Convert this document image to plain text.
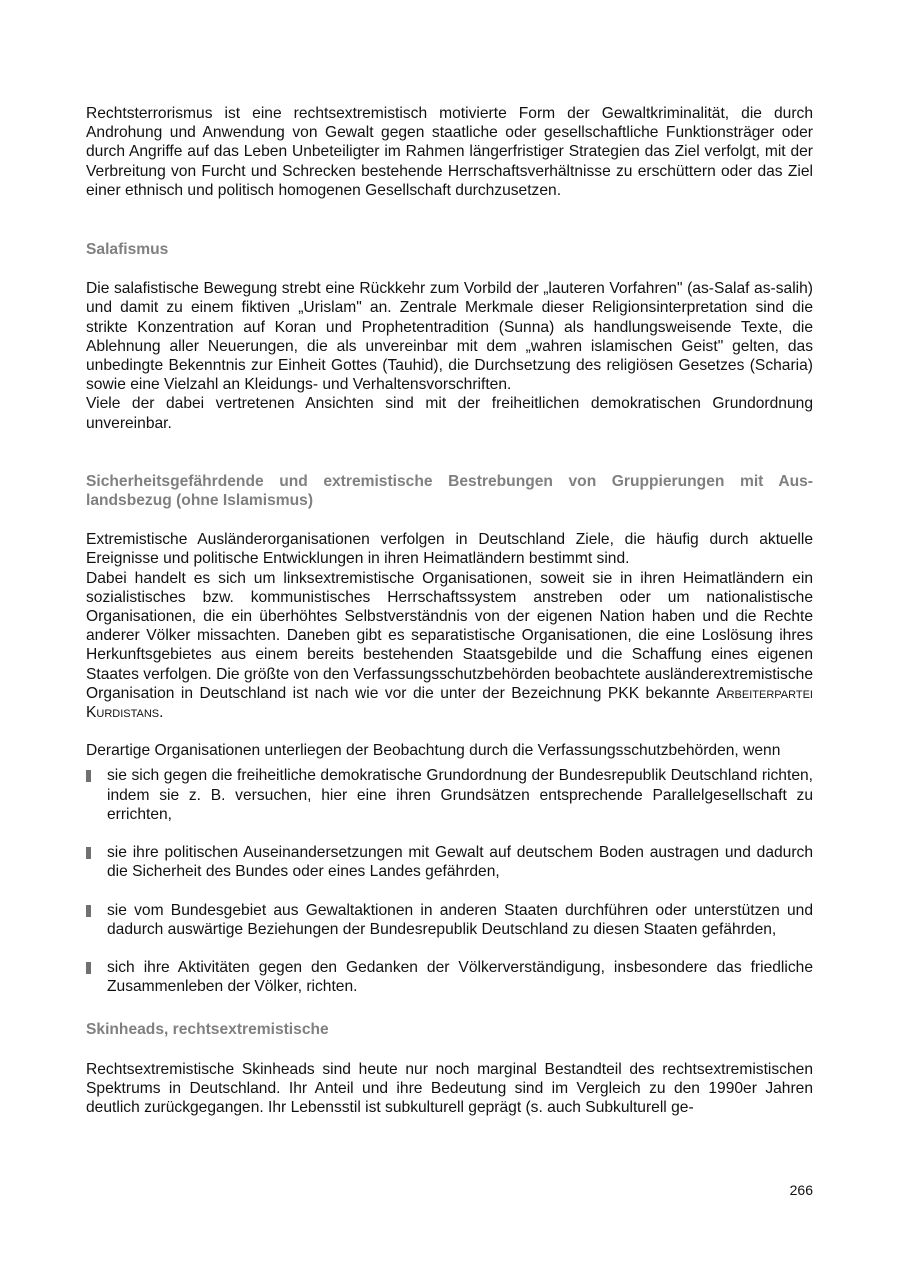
Rechtsterrorismus ist eine rechtsextremistisch motivierte Form der Gewaltkriminalität, die durch Androhung und Anwendung von Gewalt gegen staatliche oder gesellschaftliche Funktionsträger oder durch Angriffe auf das Leben Unbeteiligter im Rahmen längerfristiger Strategien das Ziel verfolgt, mit der Verbreitung von Furcht und Schrecken bestehende Herrschaftsverhältnisse zu erschüttern oder das Ziel einer ethnisch und politisch homogenen Gesellschaft durchzusetzen.

Salafismus

Die salafistische Bewegung strebt eine Rückkehr zum Vorbild der „lauteren Vorfahren" (as-Salaf as-salih) und damit zu einem fiktiven „Urislam" an. Zentrale Merkmale dieser Religionsinterpretation sind die strikte Konzentration auf Koran und Prophetentradition (Sunna) als handlungsweisende Texte, die Ablehnung aller Neuerungen, die als unvereinbar mit dem „wahren islamischen Geist" gelten, das unbedingte Bekenntnis zur Einheit Gottes (Tauhid), die Durchsetzung des religiösen Gesetzes (Scharia) sowie eine Vielzahl an Kleidungs- und Verhaltensvorschriften.

Viele der dabei vertretenen Ansichten sind mit der freiheitlichen demokratischen Grundordnung unvereinbar.

Sicherheitsgefährdende und extremistische Bestrebungen von Gruppierungen mit Auslandsbezug (ohne Islamismus)

Extremistische Ausländerorganisationen verfolgen in Deutschland Ziele, die häufig durch aktuelle Ereignisse und politische Entwicklungen in ihren Heimatländern bestimmt sind.

Dabei handelt es sich um linksextremistische Organisationen, soweit sie in ihren Heimatländern ein sozialistisches bzw. kommunistisches Herrschaftssystem anstreben oder um nationalistische Organisationen, die ein überhöhtes Selbstverständnis von der eigenen Nation haben und die Rechte anderer Völker missachten. Daneben gibt es separatistische Organisationen, die eine Loslösung ihres Herkunftsgebietes aus einem bereits bestehenden Staatsgebilde und die Schaffung eines eigenen Staates verfolgen. Die größte von den Verfassungsschutzbehörden beobachtete ausländerextremistische Organisation in Deutschland ist nach wie vor die unter der Bezeichnung PKK bekannte Arbeiterpartei Kurdistans.

Derartige Organisationen unterliegen der Beobachtung durch die Verfassungsschutzbehörden, wenn

sie sich gegen die freiheitliche demokratische Grundordnung der Bundesrepublik Deutschland richten, indem sie z. B. versuchen, hier eine ihren Grundsätzen entsprechende Parallelgesellschaft zu errichten,
sie ihre politischen Auseinandersetzungen mit Gewalt auf deutschem Boden austragen und dadurch die Sicherheit des Bundes oder eines Landes gefährden,
sie vom Bundesgebiet aus Gewaltaktionen in anderen Staaten durchführen oder unterstützen und dadurch auswärtige Beziehungen der Bundesrepublik Deutschland zu diesen Staaten gefährden,
sich ihre Aktivitäten gegen den Gedanken der Völkerverständigung, insbesondere das friedliche Zusammenleben der Völker, richten.
Skinheads, rechtsextremistische

Rechtsextremistische Skinheads sind heute nur noch marginal Bestandteil des rechtsextremistischen Spektrums in Deutschland. Ihr Anteil und ihre Bedeutung sind im Vergleich zu den 1990er Jahren deutlich zurückgegangen. Ihr Lebensstil ist subkulturell geprägt (s. auch Subkulturell ge-

266
